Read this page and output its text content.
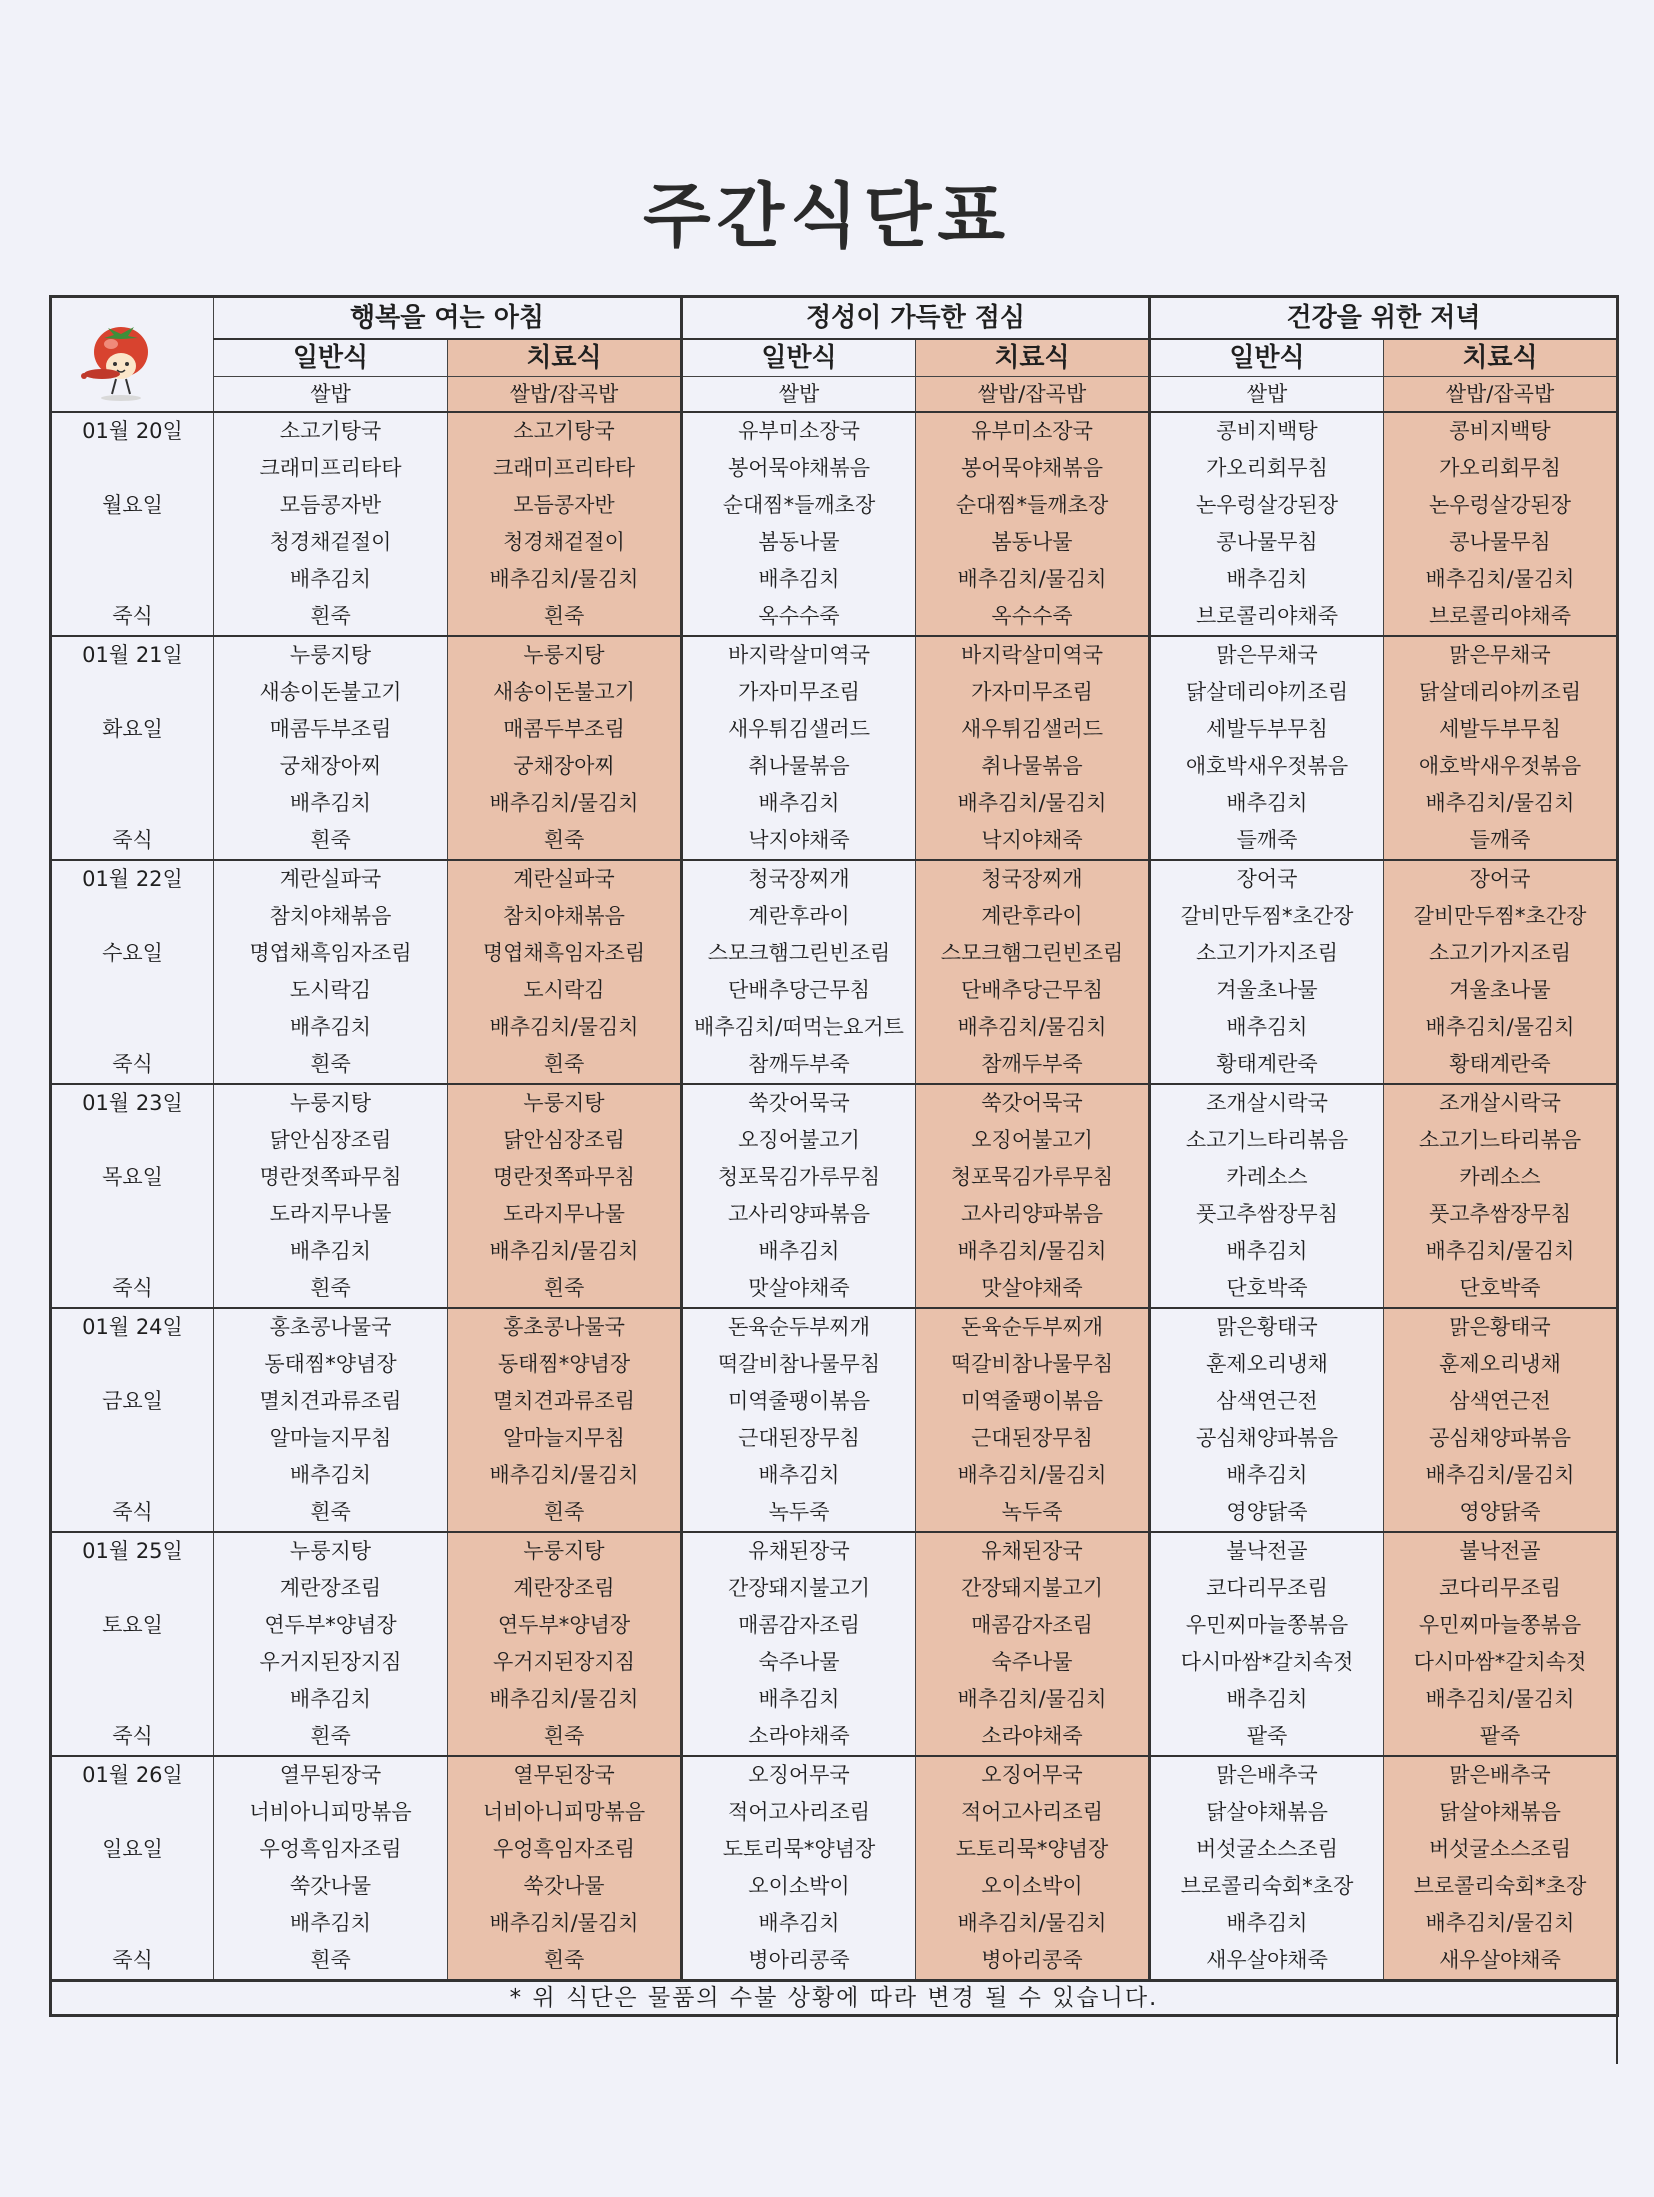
주간식단표
	행복을 여는 아침		정성이 가득한 점심		건강을 위한 저녁	
	일반식	치료식	일반식	치료식	일반식	치료식
	쌀밥	쌀밥/잡곡밥	쌀밥	쌀밥/잡곡밥	쌀밥	쌀밥/잡곡밥
01월 20일	소고기탕국	소고기탕국	유부미소장국	유부미소장국	콩비지백탕	콩비지백탕
	크래미프리타타	크래미프리타타	봉어묵야채볶음	봉어묵야채볶음	가오리회무침	가오리회무침
월요일	모듬콩자반	모듬콩자반	순대찜*들깨초장	순대찜*들깨초장	논우렁살강된장	논우렁살강된장
	청경채겉절이	청경채겉절이	봄동나물	봄동나물	콩나물무침	콩나물무침
	배추김치	배추김치/물김치	배추김치	배추김치/물김치	배추김치	배추김치/물김치
죽식	흰죽	흰죽	옥수수죽	옥수수죽	브로콜리야채죽	브로콜리야채죽
01월 21일	누룽지탕	누룽지탕	바지락살미역국	바지락살미역국	맑은무채국	맑은무채국
	새송이돈불고기	새송이돈불고기	가자미무조림	가자미무조림	닭살데리야끼조림	닭살데리야끼조림
화요일	매콤두부조림	매콤두부조림	새우튀김샐러드	새우튀김샐러드	세발두부무침	세발두부무침
	궁채장아찌	궁채장아찌	취나물볶음	취나물볶음	애호박새우젓볶음	애호박새우젓볶음
	배추김치	배추김치/물김치	배추김치	배추김치/물김치	배추김치	배추김치/물김치
죽식	흰죽	흰죽	낙지야채죽	낙지야채죽	들깨죽	들깨죽
01월 22일	계란실파국	계란실파국	청국장찌개	청국장찌개	장어국	장어국
	참치야채볶음	참치야채볶음	계란후라이	계란후라이	갈비만두찜*초간장	갈비만두찜*초간장
수요일	명엽채흑임자조림	명엽채흑임자조림	스모크햄그린빈조림	스모크햄그린빈조림	소고기가지조림	소고기가지조림
	도시락김	도시락김	단배추당근무침	단배추당근무침	겨울초나물	겨울초나물
	배추김치	배추김치/물김치	배추김치/떠먹는요거트	배추김치/물김치	배추김치	배추김치/물김치
죽식	흰죽	흰죽	참깨두부죽	참깨두부죽	황태계란죽	황태계란죽
01월 23일	누룽지탕	누룽지탕	쑥갓어묵국	쑥갓어묵국	조개살시락국	조개살시락국
	닭안심장조림	닭안심장조림	오징어불고기	오징어불고기	소고기느타리볶음	소고기느타리볶음
목요일	명란젓쪽파무침	명란젓쪽파무침	청포묵김가루무침	청포묵김가루무침	카레소스	카레소스
	도라지무나물	도라지무나물	고사리양파볶음	고사리양파볶음	풋고추쌈장무침	풋고추쌈장무침
	배추김치	배추김치/물김치	배추김치	배추김치/물김치	배추김치	배추김치/물김치
죽식	흰죽	흰죽	맛살야채죽	맛살야채죽	단호박죽	단호박죽
01월 24일	홍초콩나물국	홍초콩나물국	돈육순두부찌개	돈육순두부찌개	맑은황태국	맑은황태국
	동태찜*양념장	동태찜*양념장	떡갈비참나물무침	떡갈비참나물무침	훈제오리냉채	훈제오리냉채
금요일	멸치견과류조림	멸치견과류조림	미역줄팽이볶음	미역줄팽이볶음	삼색연근전	삼색연근전
	알마늘지무침	알마늘지무침	근대된장무침	근대된장무침	공심채양파볶음	공심채양파볶음
	배추김치	배추김치/물김치	배추김치	배추김치/물김치	배추김치	배추김치/물김치
죽식	흰죽	흰죽	녹두죽	녹두죽	영양닭죽	영양닭죽
01월 25일	누룽지탕	누룽지탕	유채된장국	유채된장국	불낙전골	불낙전골
	계란장조림	계란장조림	간장돼지불고기	간장돼지불고기	코다리무조림	코다리무조림
토요일	연두부*양념장	연두부*양념장	매콤감자조림	매콤감자조림	우민찌마늘쫑볶음	우민찌마늘쫑볶음
	우거지된장지짐	우거지된장지짐	숙주나물	숙주나물	다시마쌈*갈치속젓	다시마쌈*갈치속젓
	배추김치	배추김치/물김치	배추김치	배추김치/물김치	배추김치	배추김치/물김치
죽식	흰죽	흰죽	소라야채죽	소라야채죽	팥죽	팥죽
01월 26일	열무된장국	열무된장국	오징어무국	오징어무국	맑은배추국	맑은배추국
	너비아니피망볶음	너비아니피망볶음	적어고사리조림	적어고사리조림	닭살야채볶음	닭살야채볶음
일요일	우엉흑임자조림	우엉흑임자조림	도토리묵*양념장	도토리묵*양념장	버섯굴소스조림	버섯굴소스조림
	쑥갓나물	쑥갓나물	오이소박이	오이소박이	브로콜리숙회*초장	브로콜리숙회*초장
	배추김치	배추김치/물김치	배추김치	배추김치/물김치	배추김치	배추김치/물김치
죽식	흰죽	흰죽	병아리콩죽	병아리콩죽	새우살야채죽	새우살야채죽
* 위 식단은 물품의 수불 상황에 따라 변경 될 수 있습니다.						
